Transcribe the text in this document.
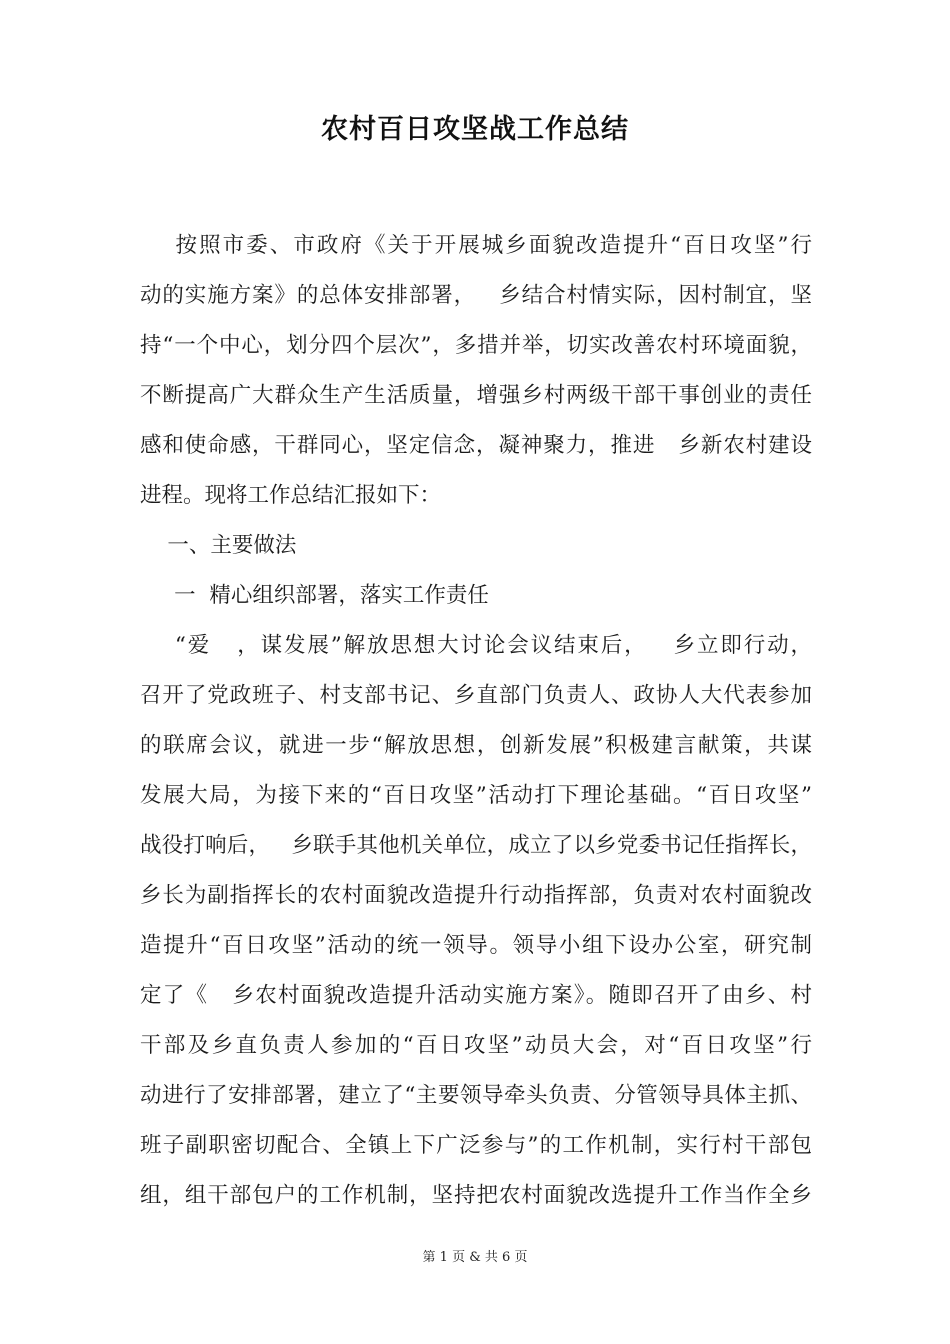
农村百日攻坚战工作总结
按照市委、市政府《关于开展城乡面貌改造提升“百日攻坚”行
动的实施方案》的总体安排部署，   乡结合村情实际，因村制宜，坚
持“一个中心，划分四个层次”，多措并举，切实改善农村环境面貌，
不断提高广大群众生产生活质量，增强乡村两级干部干事创业的责任
感和使命感，干群同心，坚定信念，凝神聚力，推进   乡新农村建设
进程。现将工作总结汇报如下：
一、主要做法
一  精心组织部署，落实工作责任
“爱   ，谋发展”解放思想大讨论会议结束后，   乡立即行动，
召开了党政班子、村支部书记、乡直部门负责人、政协人大代表参加
的联席会议，就进一步“解放思想，创新发展”积极建言献策，共谋
发展大局，为接下来的“百日攻坚”活动打下理论基础。“百日攻坚”
战役打响后，   乡联手其他机关单位，成立了以乡党委书记任指挥长，
乡长为副指挥长的农村面貌改造提升行动指挥部，负责对农村面貌改
造提升“百日攻坚”活动的统一领导。领导小组下设办公室，研究制
定了《   乡农村面貌改造提升活动实施方案》。随即召开了由乡、村
干部及乡直负责人参加的“百日攻坚”动员大会，对“百日攻坚”行
动进行了安排部署，建立了“主要领导牵头负责、分管领导具体主抓、
班子副职密切配合、全镇上下广泛参与”的工作机制，实行村干部包
组，组干部包户的工作机制，坚持把农村面貌改选提升工作当作全乡
第 1 页 & 共 6 页
